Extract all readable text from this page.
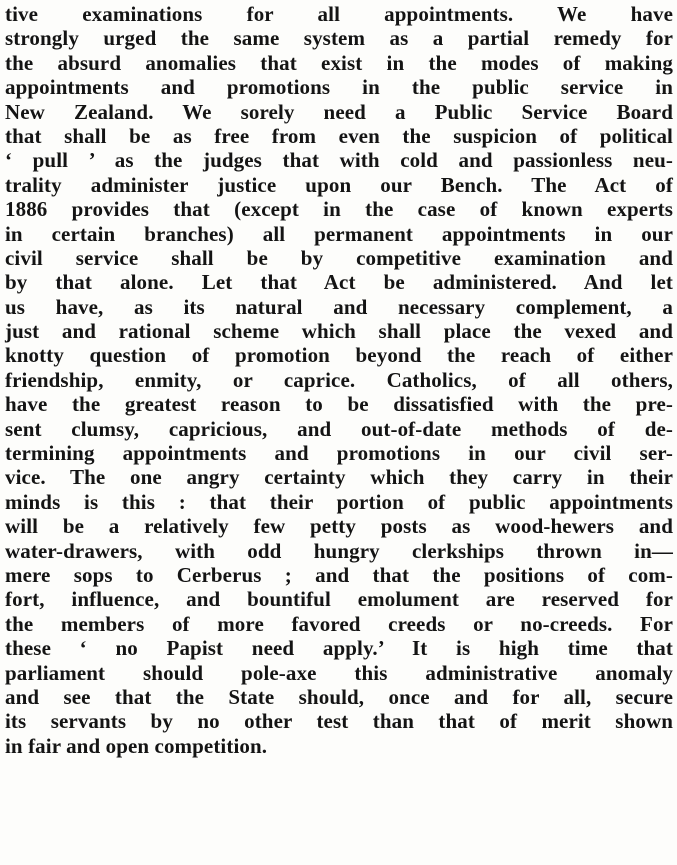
tive examinations for all appointments. We have
strongly urged the same system as a partial remedy for
the absurd anomalies that exist in the modes of making
appointments and promotions in the public service in
New Zealand. We sorely need a Public Service Board
that shall be as free from even the suspicion of political
‘ pull ’ as the judges that with cold and passionless neu-
trality administer justice upon our Bench. The Act of
1886 provides that (except in the case of known experts
in certain branches) all permanent appointments in our
civil service shall be by competitive examination and
by that alone. Let that Act be administered. And let
us have, as its natural and necessary complement, a
just and rational scheme which shall place the vexed and
knotty question of promotion beyond the reach of either
friendship, enmity, or caprice. Catholics, of all others,
have the greatest reason to be dissatisfied with the pre-
sent clumsy, capricious, and out-of-date methods of de-
termining appointments and promotions in our civil ser-
vice. The one angry certainty which they carry in their
minds is this : that their portion of public appointments
will be a relatively few petty posts as wood-hewers and
water-drawers, with odd hungry clerkships thrown in—
mere sops to Cerberus ; and that the positions of com-
fort, influence, and bountiful emolument are reserved for
the members of more favored creeds or no-creeds. For
these ‘ no Papist need apply.’ It is high time that
parliament should pole-axe this administrative anomaly
and see that the State should, once and for all, secure
its servants by no other test than that of merit shown
in fair and open competition.
